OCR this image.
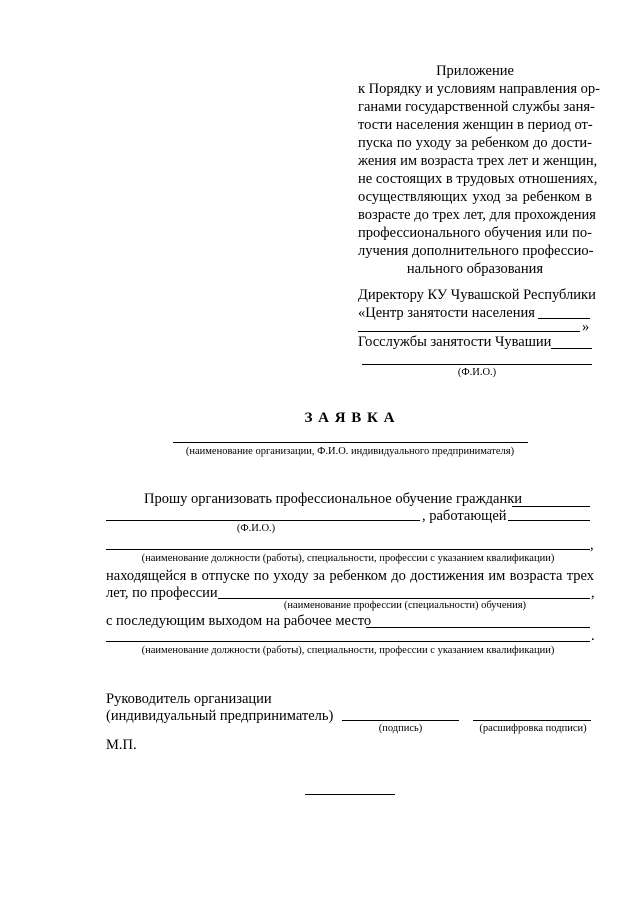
Приложение
к Порядку и условиям направления ор-
ганами государственной службы заня-
тости населения женщин в период от-
пуска по уходу за ребенком до дости-
жения им возраста трех лет и женщин,
не состоящих в трудовых отношениях,
осуществляющих уход за ребенком в
возрасте до трех лет, для прохождения
профессионального обучения или по-
лучения дополнительного профессио-
нального образования
Директору КУ Чувашской Республики
«Центр занятости населения
»
Госслужбы занятости Чувашии
(Ф.И.О.)
З А Я В К А
(наименование организации, Ф.И.О. индивидуального предпринимателя)
Прошу организовать профессиональное обучение гражданки
, работающей
(Ф.И.О.)
,
(наименование должности (работы), специальности, профессии с указанием квалификации)
находящейся в отпуске по уходу за ребенком до достижения им возраста трех
лет, по профессии	,
(наименование профессии (специальности) обучения)
с последующим выходом на рабочее место
.
(наименование должности (работы), специальности, профессии с указанием квалификации)
Руководитель организации
(индивидуальный предприниматель)
(подпись)	(расшифровка подписи)
М.П.
